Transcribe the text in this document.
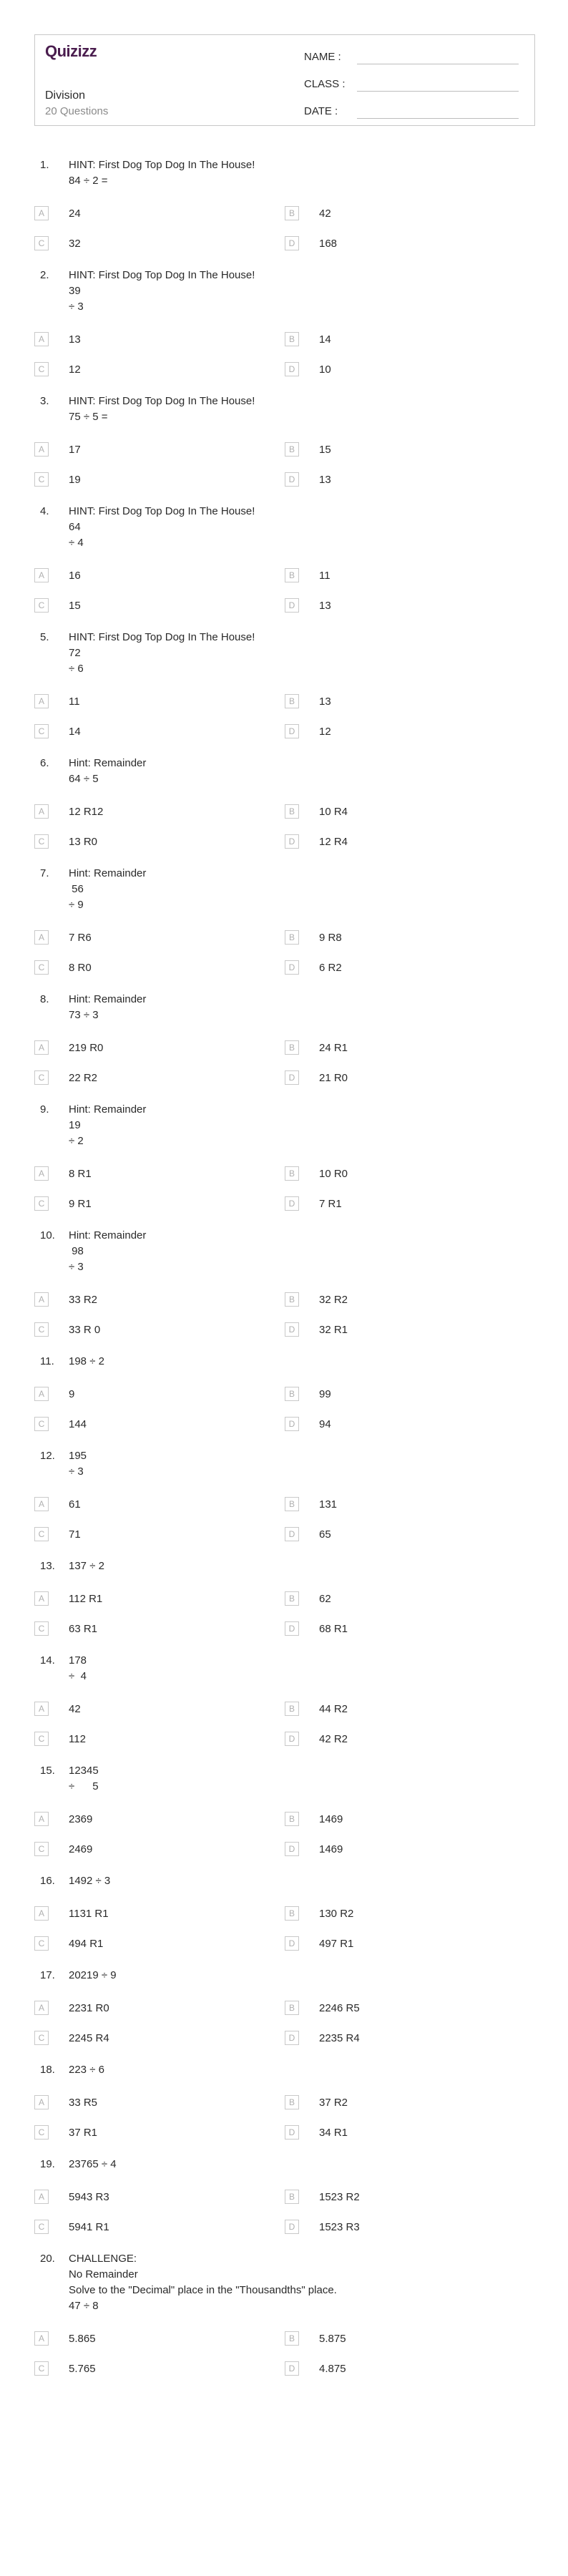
Quizizz
Division
20 Questions
NAME :
CLASS :
DATE :
1.	HINT: First Dog Top Dog In The House!
84 ÷ 2 =
A	24	B	42
C	32	D	168
2.	HINT: First Dog Top Dog In The House!
39
÷ 3
A	13	B	14
C	12	D	10
3.	HINT: First Dog Top Dog In The House!
75 ÷ 5 =
A	17	B	15
C	19	D	13
4.	HINT: First Dog Top Dog In The House!
64
÷ 4
A	16	B	11
C	15	D	13
5.	HINT: First Dog Top Dog In The House!
72
÷ 6
A	11	B	13
C	14	D	12
6.	Hint: Remainder
64 ÷ 5
A	12 R12	B	10 R4
C	13 R0	D	12 R4
7.	Hint: Remainder
56
÷ 9
A	7 R6	B	9 R8
C	8 R0	D	6 R2
8.	Hint: Remainder
73 ÷ 3
A	219 R0	B	24 R1
C	22 R2	D	21 R0
9.	Hint: Remainder
19
÷ 2
A	8 R1	B	10 R0
C	9 R1	D	7 R1
10.	Hint: Remainder
98
÷ 3
A	33 R2	B	32 R2
C	33 R 0	D	32 R1
11.	198 ÷ 2
A	9	B	99
C	144	D	94
12.	195
÷ 3
A	61	B	131
C	71	D	65
13.	137 ÷ 2
A	112 R1	B	62
C	63 R1	D	68 R1
14.	178
÷  4
A	42	B	44 R2
C	112	D	42 R2
15.	12345
÷      5
A	2369	B	1469
C	2469	D	1469
16.	1492 ÷ 3
A	1131 R1	B	130 R2
C	494 R1	D	497 R1
17.	20219 ÷ 9
A	2231 R0	B	2246 R5
C	2245 R4	D	2235 R4
18.	223 ÷ 6
A	33 R5	B	37 R2
C	37 R1	D	34 R1
19.	23765 ÷ 4
A	5943 R3	B	1523 R2
C	5941 R1	D	1523 R3
20.	CHALLENGE:
No Remainder
Solve to the "Decimal" place in the "Thousandths" place.
47 ÷ 8
A	5.865	B	5.875
C	5.765	D	4.875
